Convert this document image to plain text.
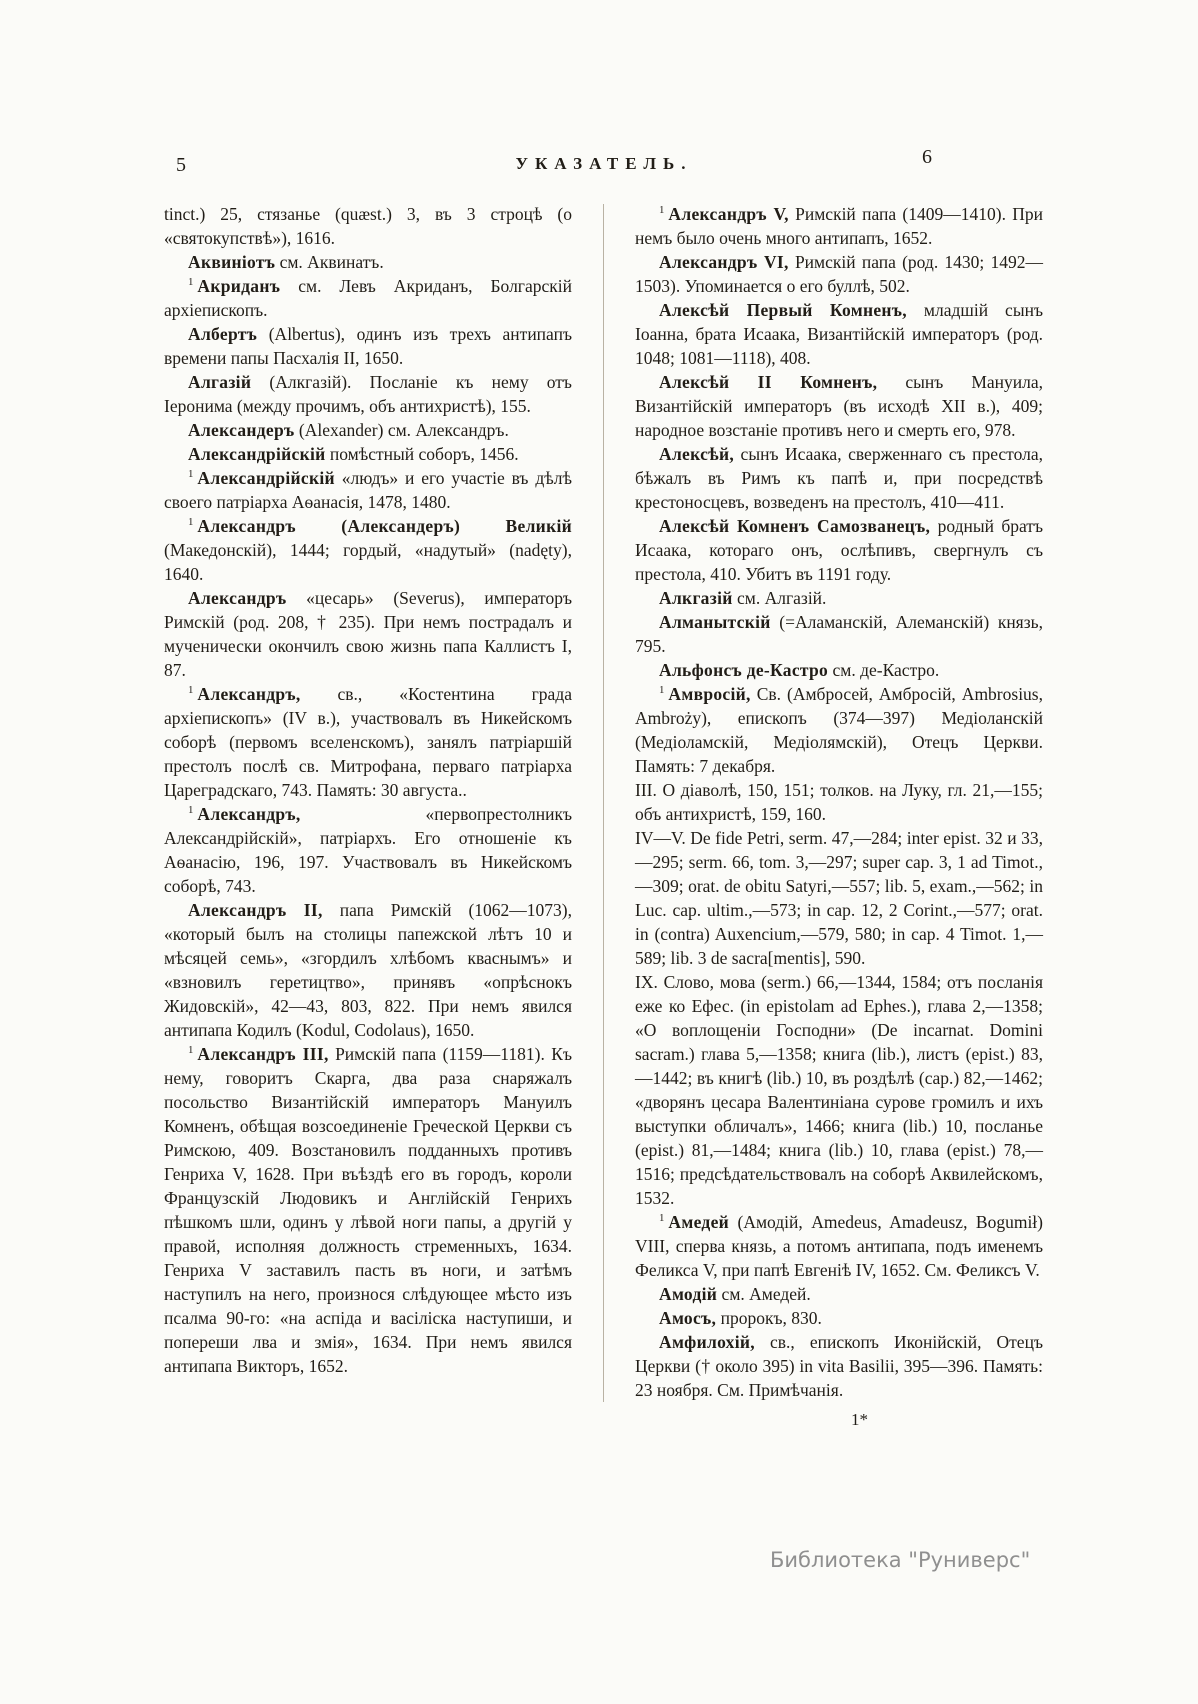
5	УКАЗАТЕЛЬ.	6

tinct.) 25, стязанье (quæst.) 3, въ 3 строцѣ (о «святокупствѣ»), 1616.

Аквиніотъ см. Аквинатъ.

$^1$ Акриданъ см. Левъ Акриданъ, Болгарскій архіепископъ.

Албертъ (Albertus), одинъ изъ трехъ антипапъ времени папы Пасхалія II, 1650.

Алгазій (Алкгазій). Посланіе къ нему отъ Іеронима (между прочимъ, объ антихристѣ), 155.

Александеръ (Alexander) см. Александръ.

Александрійскій помѣстный соборъ, 1456.

$^1$ Александрійскій «людъ» и его участіе въ дѣлѣ своего патріарха Аѳанасія, 1478, 1480.

$^1$ Александръ (Александеръ) Великій (Македонскій), 1444; гордый, «надутый» (nadęty), 1640.

Александръ «цесарь» (Severus), императоръ Римскій (род. 208, † 235). При немъ пострадалъ и мученически окончилъ свою жизнь папа Каллистъ I, 87.

$^1$ Александръ, св., «Костентина града архіепископъ» (IV в.), участвовалъ въ Никейскомъ соборѣ (первомъ вселенскомъ), занялъ патріаршій престолъ послѣ св. Митрофана, перваго патріарха Цареградскаго, 743. Память: 30 августа..

$^1$ Александръ, «первопрестолникъ Александрійскій», патріархъ. Его отношеніе къ Аѳанасію, 196, 197. Участвовалъ въ Никейскомъ соборѣ, 743.

Александръ II, папа Римскій (1062—1073), «который былъ на столицы папежской лѣтъ 10 и мѣсяцей семь», «згордилъ хлѣбомъ кваснымъ» и «взновилъ геретицтво», принявъ «опрѣснокъ Жидовскій», 42—43, 803, 822. При немъ явился антипапа Кодилъ (Kodul, Codolaus), 1650.

$^1$ Александръ III, Римскій папа (1159—1181). Къ нему, говоритъ Скарга, два раза снаряжалъ посольство Византійскій императоръ Мануилъ Комненъ, обѣщая возсоединеніе Греческой Церкви съ Римскою, 409. Возстановилъ подданныхъ противъ Генриха V, 1628. При въѣздѣ его въ городъ, короли Французскій Людовикъ и Англійскій Генрихъ пѣшкомъ шли, одинъ у лѣвой ноги папы, а другій у правой, исполняя должность стременныхъ, 1634. Генриха V заставилъ пасть въ ноги, и затѣмъ наступилъ на него, произнося слѣдующее мѣсто изъ псалма 90-го: «на аспіда и васіліска наступиши, и попереши лва и змія», 1634. При немъ явился антипапа Викторъ, 1652.

$^1$ Александръ V, Римскій папа (1409—1410). При немъ было очень много антипапъ, 1652.

Александръ VI, Римскій папа (род. 1430; 1492—1503). Упоминается о его буллѣ, 502.

Алексѣй Первый Комненъ, младшій сынъ Іоанна, брата Исаака, Византійскій императоръ (род. 1048; 1081—1118), 408.

Алексѣй II Комненъ, сынъ Мануила, Византійскій императоръ (въ исходѣ XII в.), 409; народное возстаніе противъ него и смерть его, 978.

Алексѣй, сынъ Исаака, сверженнаго съ престола, бѣжалъ въ Римъ къ папѣ и, при посредствѣ крестоносцевъ, возведенъ на престолъ, 410—411.

Алексѣй Комненъ Самозванецъ, родный братъ Исаака, котораго онъ, ослѣпивъ, свергнулъ съ престола, 410. Убитъ въ 1191 году.

Алкгазій см. Алгазій.

Алманытскій (=Аламанскій, Алеманскій) князь, 795.

Альфонсъ де-Кастро см. де-Кастро.

$^1$ Амвросій, Св. (Амбросей, Амбросій, Ambrosius, Ambroży), епископъ (374—397) Медіоланскій (Медіоламскій, Медіолямскій), Отецъ Церкви. Память: 7 декабря.

III. О діаволѣ, 150, 151; толков. на Луку, гл. 21,—155; объ антихристѣ, 159, 160.

IV—V. De fide Petri, serm. 47,—284; inter epist. 32 и 33,—295; serm. 66, tom. 3,—297; super cap. 3, 1 ad Timot.,—309; orat. de obitu Satyri,—557; lib. 5, exam.,—562; in Luc. cap. ultim.,—573; in cap. 12, 2 Corint.,—577; orat. in (contra) Auxencium,—579, 580; in cap. 4 Timot. 1,—589; lib. 3 de sacra[mentis], 590.

IX. Слово, мова (serm.) 66,—1344, 1584; отъ посланія еже ко Ефес. (in epistolam ad Ephes.), глава 2,—1358; «О воплощеніи Господни» (De incarnat. Domini sacram.) глава 5,—1358; книга (lib.), листъ (epist.) 83,—1442; въ книгѣ (lib.) 10, въ роздѣлѣ (cap.) 82,—1462; «дворянъ цесара Валентиніана сурове громилъ и ихъ выступки обличалъ», 1466; книга (lib.) 10, посланье (epist.) 81,—1484; книга (lib.) 10, глава (epist.) 78,—1516; предсѣдательствовалъ на соборѣ Аквилейскомъ, 1532.

$^1$ Амедей (Амодій, Amedeus, Amadeusz, Bogumił) VIII, сперва князь, а потомъ антипапа, подъ именемъ Феликса V, при папѣ Евгеніѣ IV, 1652. См. Феликсъ V.

Амодій см. Амедей.

Амосъ, пророкъ, 830.

Амфилохій, св., епископъ Иконійскій, Отецъ Церкви († около 395) in vita Basilii, 395—396. Память: 23 ноября. См. Примѣчанія.

1*
Библиотека "Руниверс"
